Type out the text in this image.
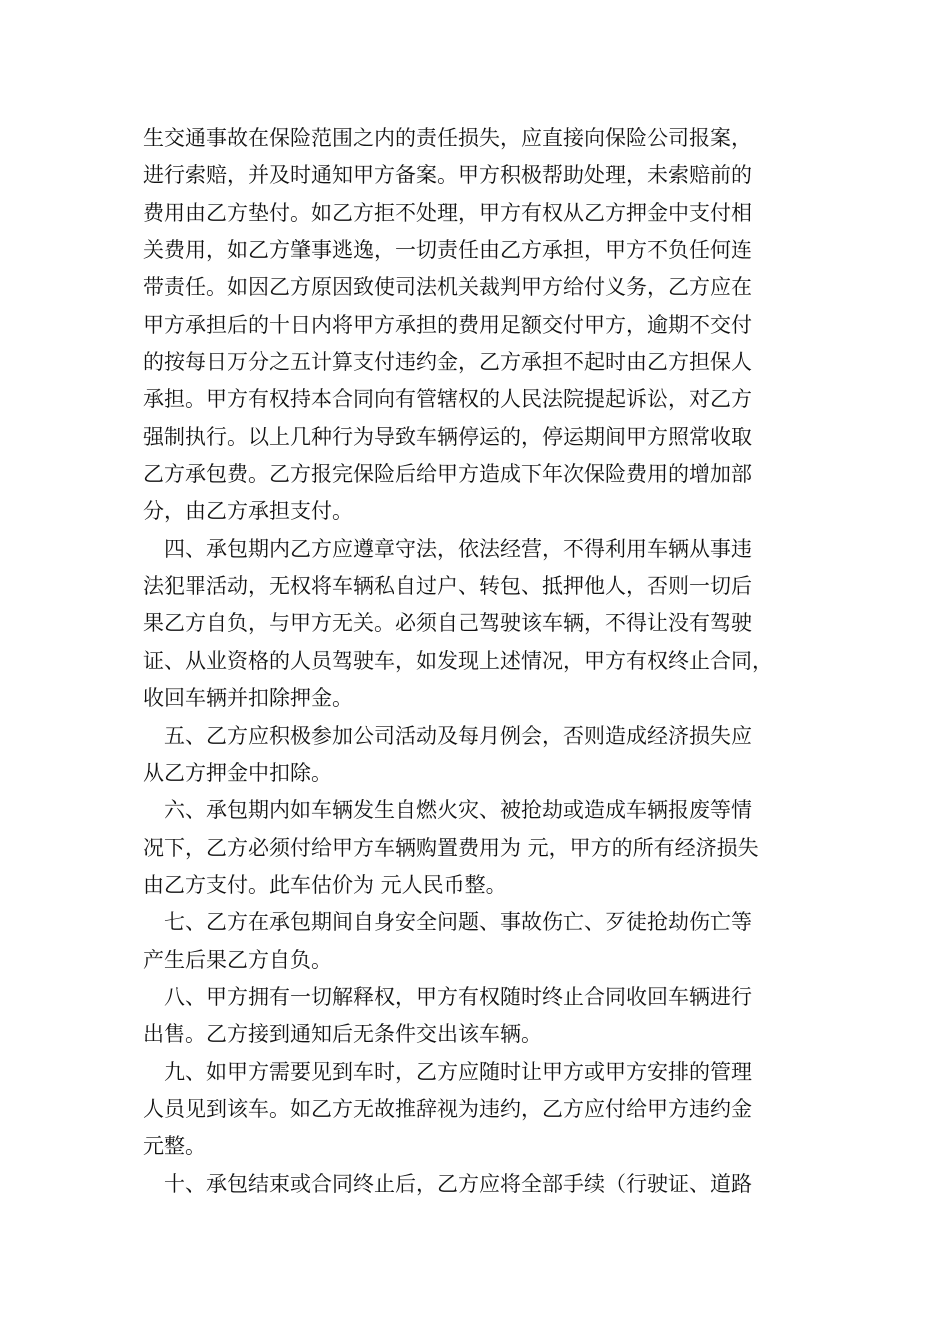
生交通事故在保险范围之内的责任损失，应直接向保险公司报案，
进行索赔，并及时通知甲方备案。甲方积极帮助处理，未索赔前的
费用由乙方垫付。如乙方拒不处理，甲方有权从乙方押金中支付相
关费用，如乙方肇事逃逸，一切责任由乙方承担，甲方不负任何连
带责任。如因乙方原因致使司法机关裁判甲方给付义务，乙方应在
甲方承担后的十日内将甲方承担的费用足额交付甲方，逾期不交付
的按每日万分之五计算支付违约金，乙方承担不起时由乙方担保人
承担。甲方有权持本合同向有管辖权的人民法院提起诉讼，对乙方
强制执行。以上几种行为导致车辆停运的，停运期间甲方照常收取
乙方承包费。乙方报完保险后给甲方造成下年次保险费用的增加部
分，由乙方承担支付。
　四、承包期内乙方应遵章守法，依法经营，不得利用车辆从事违
法犯罪活动，无权将车辆私自过户、转包、抵押他人，否则一切后
果乙方自负，与甲方无关。必须自己驾驶该车辆，不得让没有驾驶
证、从业资格的人员驾驶车，如发现上述情况，甲方有权终止合同，
收回车辆并扣除押金。
　五、乙方应积极参加公司活动及每月例会，否则造成经济损失应
从乙方押金中扣除。
　六、承包期内如车辆发生自燃火灾、被抢劫或造成车辆报废等情
况下，乙方必须付给甲方车辆购置费用为 元，甲方的所有经济损失
由乙方支付。此车估价为 元人民币整。
　七、乙方在承包期间自身安全问题、事故伤亡、歹徒抢劫伤亡等
产生后果乙方自负。
　八、甲方拥有一切解释权，甲方有权随时终止合同收回车辆进行
出售。乙方接到通知后无条件交出该车辆。
　九、如甲方需要见到车时，乙方应随时让甲方或甲方安排的管理
人员见到该车。如乙方无故推辞视为违约，乙方应付给甲方违约金
元整。
　十、承包结束或合同终止后，乙方应将全部手续（行驶证、道路
